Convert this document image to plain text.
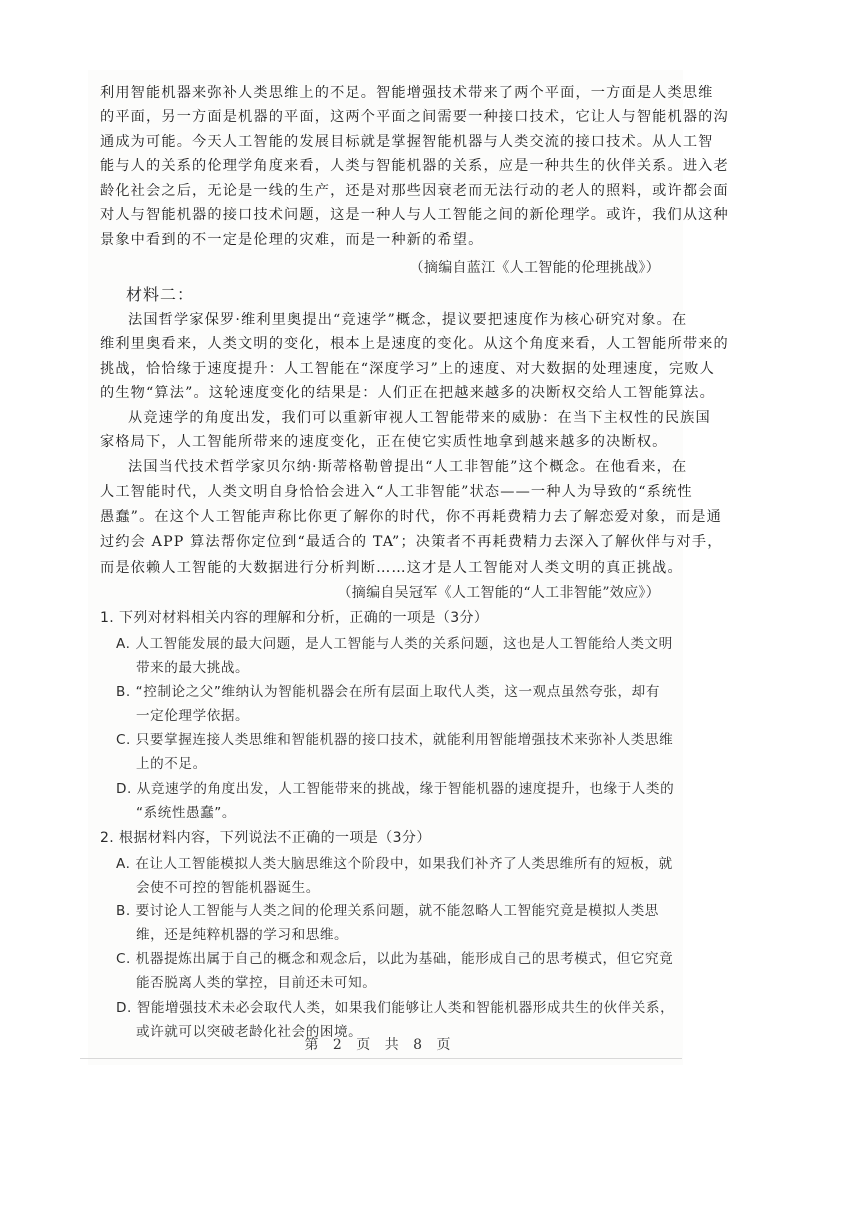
利用智能机器来弥补人类思维上的不足。智能增强技术带来了两个平面，一方面是人类思维
的平面，另一方面是机器的平面，这两个平面之间需要一种接口技术，它让人与智能机器的沟
通成为可能。今天人工智能的发展目标就是掌握智能机器与人类交流的接口技术。从人工智
能与人的关系的伦理学角度来看，人类与智能机器的关系，应是一种共生的伙伴关系。进入老
龄化社会之后，无论是一线的生产，还是对那些因衰老而无法行动的老人的照料，或许都会面
对人与智能机器的接口技术问题，这是一种人与人工智能之间的新伦理学。或许，我们从这种
景象中看到的不一定是伦理的灾难，而是一种新的希望。
（摘编自蓝江《人工智能的伦理挑战》）
材料二：
法国哲学家保罗·维利里奥提出“竞速学”概念，提议要把速度作为核心研究对象。在
维利里奥看来，人类文明的变化，根本上是速度的变化。从这个角度来看，人工智能所带来的
挑战，恰恰缘于速度提升：人工智能在“深度学习”上的速度、对大数据的处理速度，完败人
的生物“算法”。这轮速度变化的结果是：人们正在把越来越多的决断权交给人工智能算法。
从竞速学的角度出发，我们可以重新审视人工智能带来的威胁：在当下主权性的民族国
家格局下，人工智能所带来的速度变化，正在使它实质性地拿到越来越多的决断权。
法国当代技术哲学家贝尔纳·斯蒂格勒曾提出“人工非智能”这个概念。在他看来，在
人工智能时代，人类文明自身恰恰会进入“人工非智能”状态——一种人为导致的“系统性
愚蠢”。在这个人工智能声称比你更了解你的时代，你不再耗费精力去了解恋爱对象，而是通
过约会 APP 算法帮你定位到“最适合的 TA”；决策者不再耗费精力去深入了解伙伴与对手，
而是依赖人工智能的大数据进行分析判断……这才是人工智能对人类文明的真正挑战。
（摘编自吴冠军《人工智能的“人工非智能”效应》）
1. 下列对材料相关内容的理解和分析，正确的一项是（3分）
A. 人工智能发展的最大问题，是人工智能与人类的关系问题，这也是人工智能给人类文明
带来的最大挑战。
B. “控制论之父”维纳认为智能机器会在所有层面上取代人类，这一观点虽然夸张，却有
一定伦理学依据。
C. 只要掌握连接人类思维和智能机器的接口技术，就能利用智能增强技术来弥补人类思维
上的不足。
D. 从竞速学的角度出发，人工智能带来的挑战，缘于智能机器的速度提升，也缘于人类的
“系统性愚蠢”。
2. 根据材料内容，下列说法不正确的一项是（3分）
A. 在让人工智能模拟人类大脑思维这个阶段中，如果我们补齐了人类思维所有的短板，就
会使不可控的智能机器诞生。
B. 要讨论人工智能与人类之间的伦理关系问题，就不能忽略人工智能究竟是模拟人类思
维，还是纯粹机器的学习和思维。
C. 机器提炼出属于自己的概念和观念后，以此为基础，能形成自己的思考模式，但它究竟
能否脱离人类的掌控，目前还未可知。
D. 智能增强技术未必会取代人类，如果我们能够让人类和智能机器形成共生的伙伴关系，
或许就可以突破老龄化社会的困境。
第 2 页 共 8 页
